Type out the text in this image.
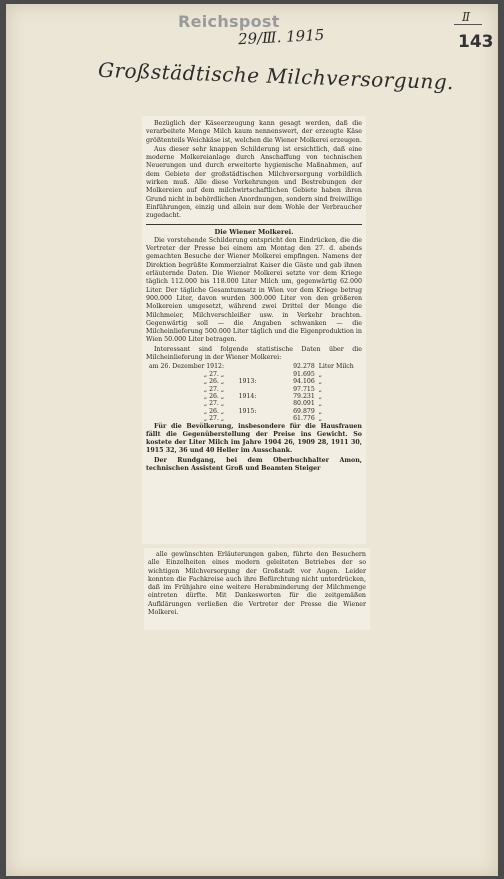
Reichspost
29/Ⅲ. 1915
Ⅱ
143
Großstädtische Milchversorgung.

Bezüglich der Käseerzeugung kann gesagt werden, daß die verarbeitete Menge Milch kaum nennenswert, der erzeugte Käse größtenteils Weichkäse ist, welchen die Wiener Molkerei erzeugen.

Aus dieser sehr knappen Schilderung ist ersichtlich, daß eine moderne Molkereianlage durch Anschaffung von technischen Neuerungen und durch erweiterte hygienische Maßnahmen, auf dem Gebiete der großstädtischen Milchversorgung vorbildlich wirken muß. Alle diese Vorkehrungen und Bestrebungen der Molkereien auf dem milchwirtschaftlichen Gebiete haben ihren Grund nicht in behördlichen Anordnungen, sondern sind freiwillige Einführungen, einzig und allein nur dem Wohle der Verbraucher zugedacht.

Die Wiener Molkerei.

Die vorstehende Schilderung entspricht den Eindrücken, die die Vertreter der Presse bei einem am Montag den 27. d. abends gemachten Besuche der Wiener Molkerei empfingen. Namens der Direktion begrüßte Kommerzialrat Kaiser die Gäste und gab ihnen erläuternde Daten. Die Wiener Molkerei setzte vor dem Kriege täglich 112.000 bis 118.000 Liter Milch um, gegenwärtig 62.000 Liter. Der tägliche Gesamtumsatz in Wien vor dem Kriege betrug 900.000 Liter, davon wurden 300.000 Liter von den größeren Molkereien umgesetzt, während zwei Drittel der Menge die Milchmeier, Milchverschleißer usw. in Verkehr brachten. Gegenwärtig soll — die Angaben schwanken — die Milcheinlieferung 500.000 Liter täglich und die Eigenproduktion in Wien 50.000 Liter betragen.

Interessant sind folgende statistische Daten über die Milcheinlieferung in der Wiener Molkerei:

am 26. Dezember 1912:		92.278	Liter Milch
„ 27. „		91.695	„
„ 26. „	1913:	94.106	„
„ 27. „		97.715	„
„ 26. „	1914:	79.231	„
„ 27. „		80.091	„
„ 26. „	1915:	69.879	„
„ 27. „		61.776	„

Für die Bevölkerung, insbesondere für die Hausfrauen fällt die Gegenüberstellung der Preise ins Gewicht. So kostete der Liter Milch im Jahre 1904 26, 1909 28, 1911 30, 1915 32, 36 und 40 Heller im Ausschank.

Der Rundgang, bei dem Oberbuchhalter Amon, technischen Assistent Groß und Beamten Steiger

alle gewünschten Erläuterungen gaben, führte den Besuchern alle Einzelheiten eines modern geleiteten Betriebes der so wichtigen Milchversorgung der Großstadt vor Augen. Leider konnten die Fachkreise auch ihre Befürchtung nicht unterdrücken, daß im Frühjahre eine weitere Herabminderung der Milchmenge eintreten dürfte. Mit Dankesworten für die zeitgemäßen Aufklärungen verließen die Vertreter der Presse die Wiener Molkerei.
